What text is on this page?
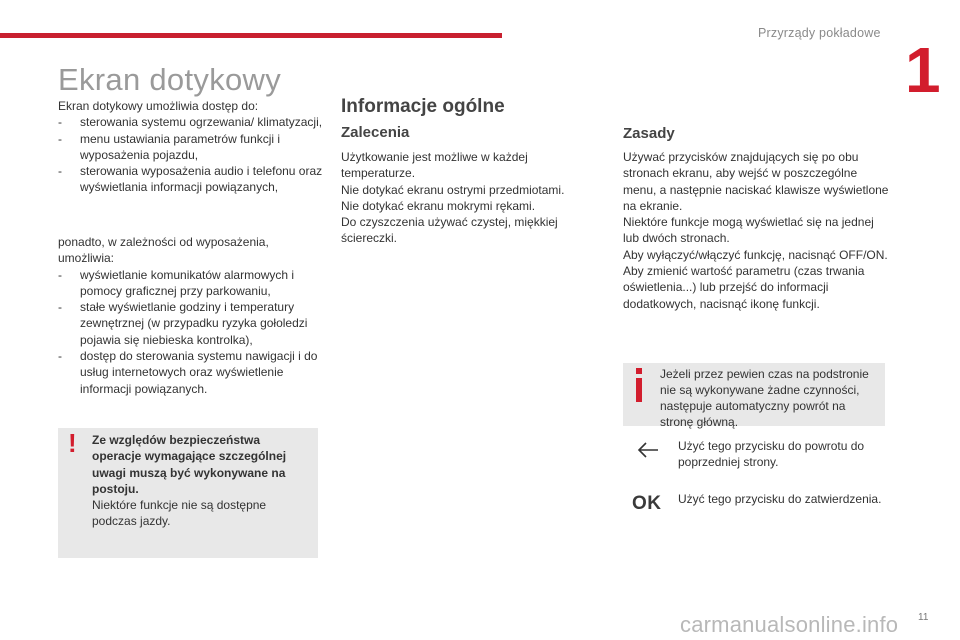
Przyrządy pokładowe
1
Ekran dotykowy
Ekran dotykowy umożliwia dostęp do:
- sterowania systemu ogrzewania/ klimatyzacji,
- menu ustawiania parametrów funkcji i wyposażenia pojazdu,
- sterowania wyposażenia audio i telefonu oraz wyświetlania informacji powiązanych,
ponadto, w zależności od wyposażenia, umożliwia:
- wyświetlanie komunikatów alarmowych i pomocy graficznej przy parkowaniu,
- stałe wyświetlanie godziny i temperatury zewnętrznej (w przypadku ryzyka gołoledzi pojawia się niebieska kontrolka),
- dostęp do sterowania systemu nawigacji i do usług internetowych oraz wyświetlenie informacji powiązanych.
! Ze względów bezpieczeństwa operacje wymagające szczególnej uwagi muszą być wykonywane na postoju.
Niektóre funkcje nie są dostępne podczas jazdy.
Informacje ogólne
Zalecenia
Użytkowanie jest możliwe w każdej temperaturze.
Nie dotykać ekranu ostrymi przedmiotami.
Nie dotykać ekranu mokrymi rękami.
Do czyszczenia używać czystej, miękkiej ściereczki.
Zasady
Używać przycisków znajdujących się po obu stronach ekranu, aby wejść w poszczególne menu, a następnie naciskać klawisze wyświetlone na ekranie.
Niektóre funkcje mogą wyświetlać się na jednej lub dwóch stronach.
Aby wyłączyć/włączyć funkcję, nacisnąć OFF/ON.
Aby zmienić wartość parametru (czas trwania oświetlenia...) lub przejść do informacji dodatkowych, nacisnąć ikonę funkcji.
Jeżeli przez pewien czas na podstronie nie są wykonywane żadne czynności, następuje automatyczny powrót na stronę główną.
Użyć tego przycisku do powrotu do poprzedniej strony.
OK Użyć tego przycisku do zatwierdzenia.
carmanualsonline.info 11
